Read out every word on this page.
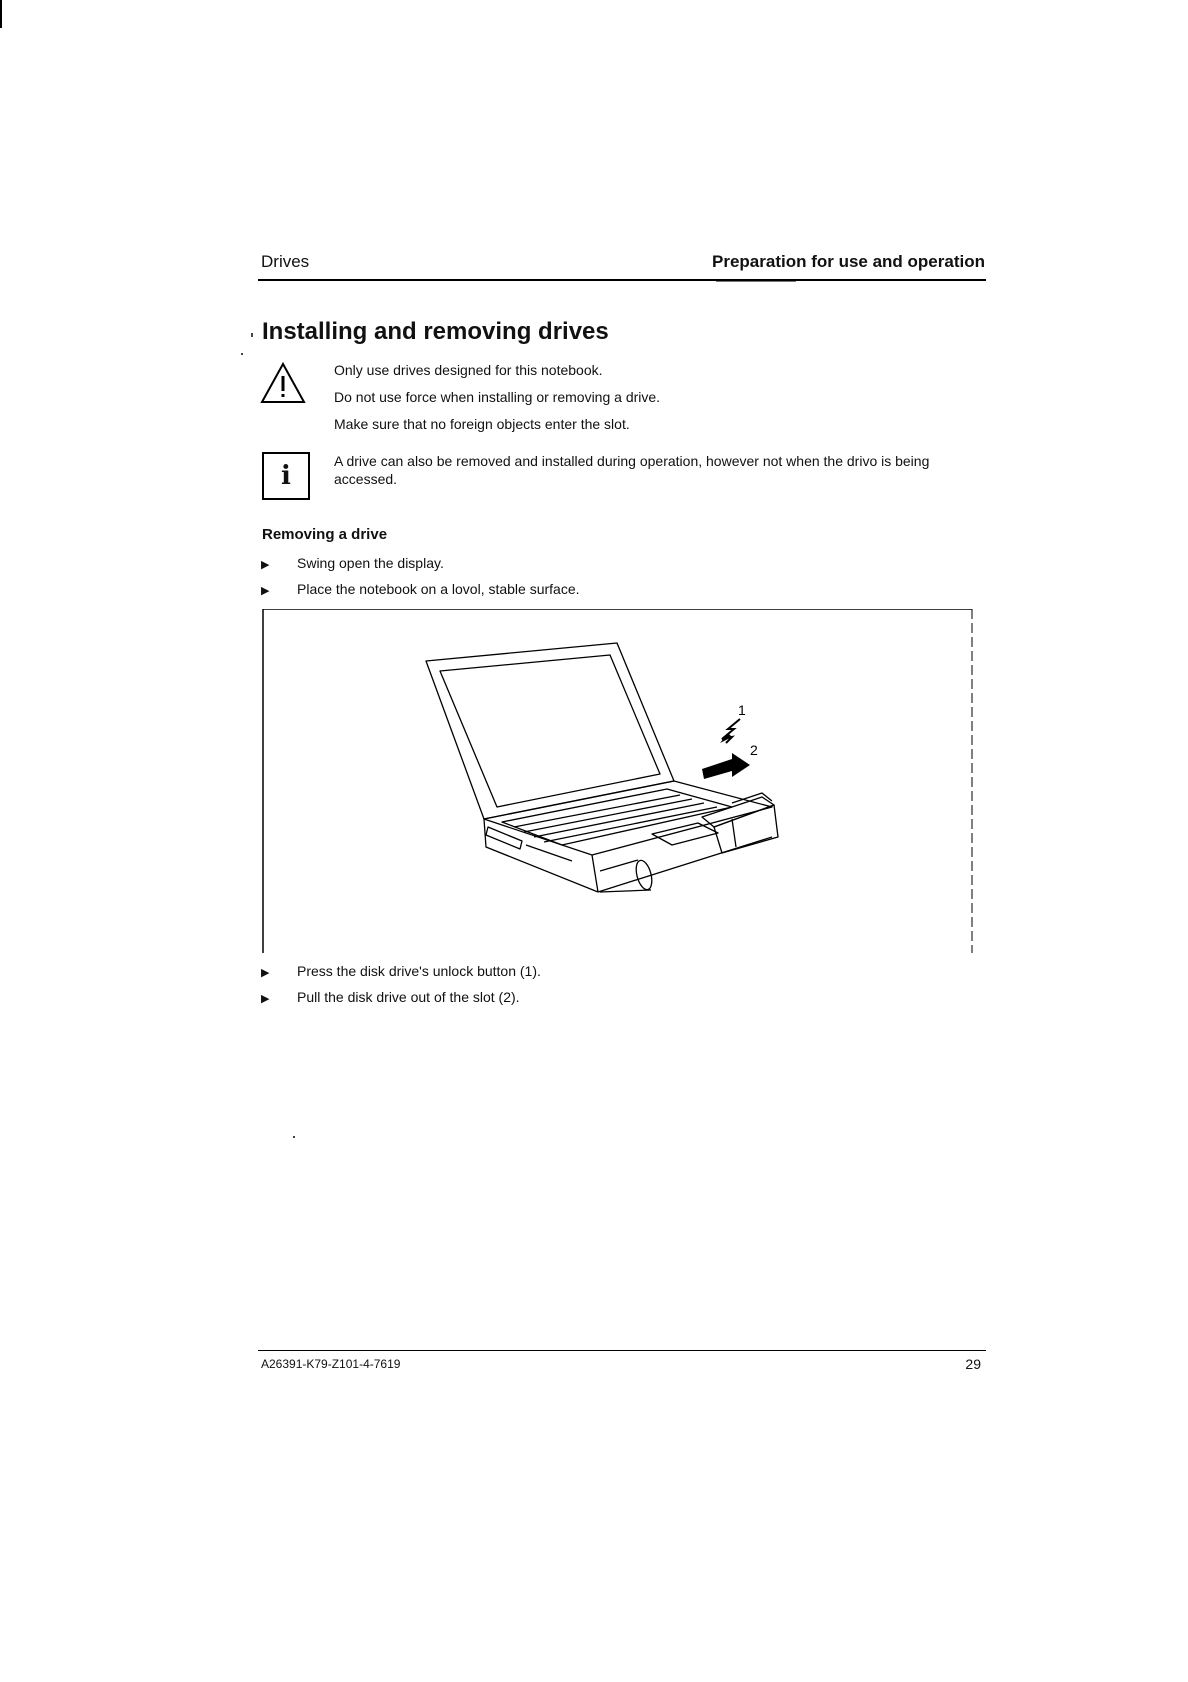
Drives	Preparation for use and operation
Installing and removing drives
Only use drives designed for this notebook.
Do not use force when installing or removing a drive.
Make sure that no foreign objects enter the slot.
i	A drive can also be removed and installed during operation, however not when the drivo is being accessed.
Removing a drive
▶ Swing open the display.
▶ Place the notebook on a lovol, stable surface.
1
2
▶ Press the disk drive's unlock button (1).
▶ Pull the disk drive out of the slot (2).
A26391-K79-Z101-4-7619	29
